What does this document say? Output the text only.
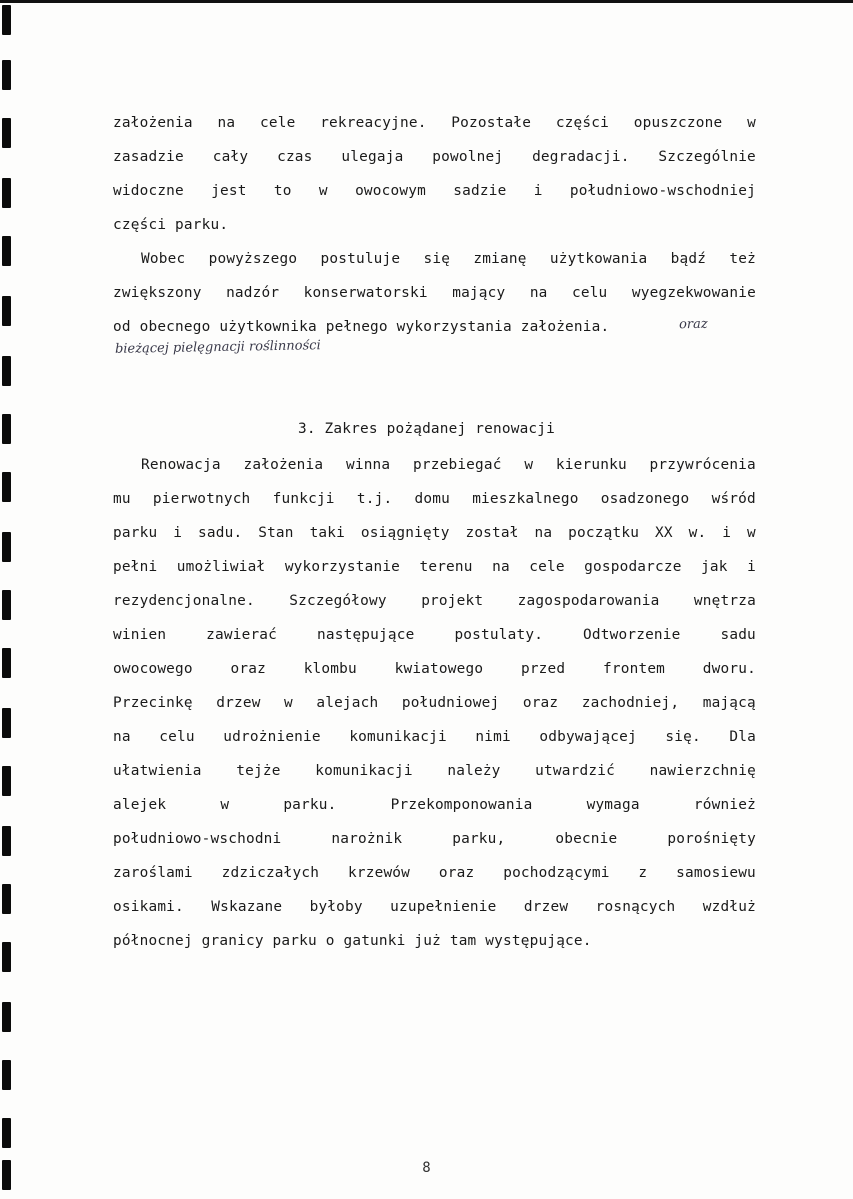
założenia na cele rekreacyjne. Pozostałe części opuszczone w
zasadzie cały czas ulegaja powolnej degradacji. Szczególnie
widoczne jest to w owocowym sadzie i południowo-wschodniej
części parku.
Wobec powyższego postuluje się zmianę użytkowania bądź też
zwiększony nadzór konserwatorski mający na celu wyegzekwowanie
od obecnego użytkownika pełnego wykorzystania założenia.	oraz
bieżącej pielęgnacji roślinności
3. Zakres pożądanej renowacji
Renowacja założenia winna przebiegać w kierunku przywrócenia
mu pierwotnych funkcji t.j. domu mieszkalnego osadzonego wśród
parku i sadu. Stan taki osiągnięty został na początku XX w. i w
pełni umożliwiał wykorzystanie terenu na cele gospodarcze jak i
rezydencjonalne. Szczegółowy projekt zagospodarowania wnętrza
winien	zawierać	następujące	postulaty.	Odtworzenie	sadu
owocowego	oraz	klombu	kwiatowego	przed	frontem	dworu.
Przecinkę drzew w alejach południowej oraz zachodniej, mającą
na celu udrożnienie komunikacji nimi odbywającej się. Dla
ułatwienia tejże komunikacji należy utwardzić nawierzchnię
alejek	w	parku.	Przekomponowania	wymaga	również
południowo-wschodni	narożnik	parku,	obecnie	porośnięty
zaroślami zdziczałych krzewów oraz pochodzącymi z samosiewu
osikami. Wskazane byłoby uzupełnienie drzew rosnących wzdłuż
północnej granicy parku o gatunki już tam występujące.
8
